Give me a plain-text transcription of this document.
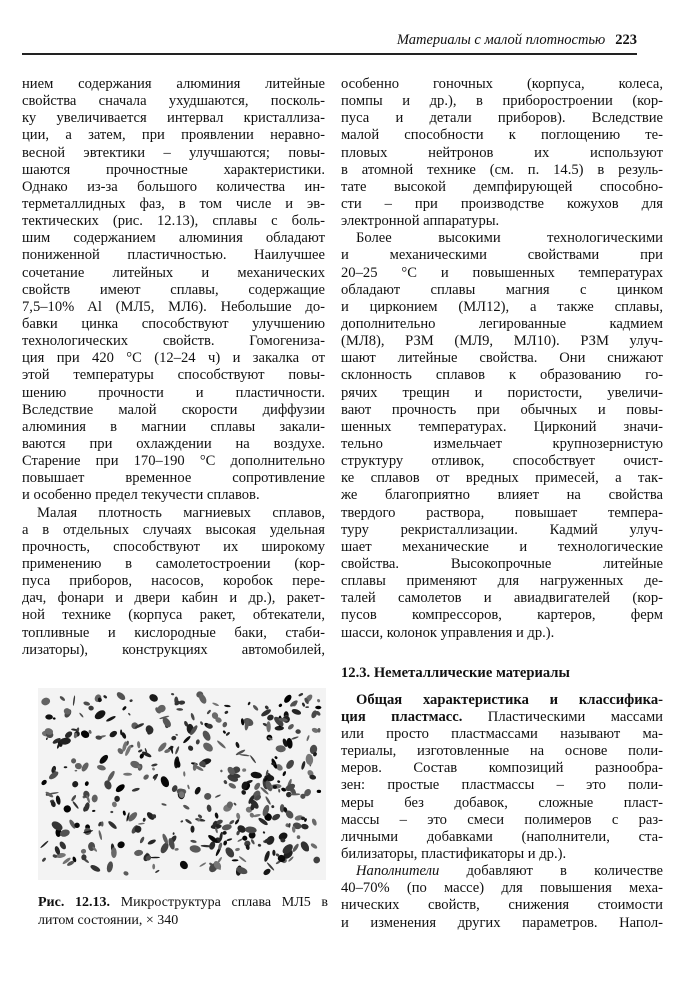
Материалы с малой плотностью 223
нием содержания алюминия литейные
свойства сначала ухудшаются, посколь-
ку увеличивается интервал кристаллиза-
ции, а затем, при проявлении неравно-
весной эвтектики – улучшаются; повы-
шаются прочностные характеристики.
Однако из-за большого количества ин-
терметаллидных фаз, в том числе и эв-
тектических (рис. 12.13), сплавы с боль-
шим содержанием алюминия обладают
пониженной пластичностью. Наилучшее
сочетание литейных и механических
свойств имеют сплавы, содержащие
7,5–10% Al (МЛ5, МЛ6). Небольшие до-
бавки цинка способствуют улучшению
технологических свойств. Гомогениза-
ция при 420 °С (12–24 ч) и закалка от
этой температуры способствуют повы-
шению прочности и пластичности.
Вследствие малой скорости диффузии
алюминия в магнии сплавы закали-
ваются при охлаждении на воздухе.
Старение при 170–190 °С дополнительно
повышает временное сопротивление
и особенно предел текучести сплавов.
Малая плотность магниевых сплавов,
а в отдельных случаях высокая удельная
прочность, способствуют их широкому
применению в самолетостроении (кор-
пуса приборов, насосов, коробок пере-
дач, фонари и двери кабин и др.), ракет-
ной технике (корпуса ракет, обтекатели,
топливные и кислородные баки, стаби-
лизаторы), конструкциях автомобилей,
особенно гоночных (корпуса, колеса,
помпы и др.), в приборостроении (кор-
пуса и детали приборов). Вследствие
малой способности к поглощению те-
пловых нейтронов их используют
в атомной технике (см. п. 14.5) в резуль-
тате высокой демпфирующей способно-
сти – при производстве кожухов для
электронной аппаратуры.
Более высокими технологическими
и механическими свойствами при
20–25 °С и повышенных температурах
обладают сплавы магния с цинком
и цирконием (МЛ12), а также сплавы,
дополнительно легированные кадмием
(МЛ8), РЗМ (МЛ9, МЛ10). РЗМ улуч-
шают литейные свойства. Они снижают
склонность сплавов к образованию го-
рячих трещин и пористости, увеличи-
вают прочность при обычных и повы-
шенных температурах. Цирконий значи-
тельно измельчает крупнозернистую
структуру отливок, способствует очист-
ке сплавов от вредных примесей, а так-
же благоприятно влияет на свойства
твердого раствора, повышает темпера-
туру рекристаллизации. Кадмий улуч-
шает механические и технологические
свойства. Высокопрочные литейные
сплавы применяют для нагруженных де-
талей самолетов и авиадвигателей (кор-
пусов компрессоров, картеров, ферм
шасси, колонок управления и др.).
12.3. Неметаллические материалы
Общая характеристика и классифика-
ция пластмасс. Пластическими массами
или просто пластмассами называют ма-
териалы, изготовленные на основе поли-
меров. Состав композиций разнообра-
зен: простые пластмассы – это поли-
меры без добавок, сложные пласт-
массы – это смеси полимеров с раз-
личными добавками (наполнители, ста-
билизаторы, пластификаторы и др.).
Наполнители добавляют в количестве
40–70% (по массе) для повышения меха-
нических свойств, снижения стоимости
и изменения других параметров. Напол-
Рис. 12.13. Микроструктура сплава МЛ5 в
литом состоянии, × 340
